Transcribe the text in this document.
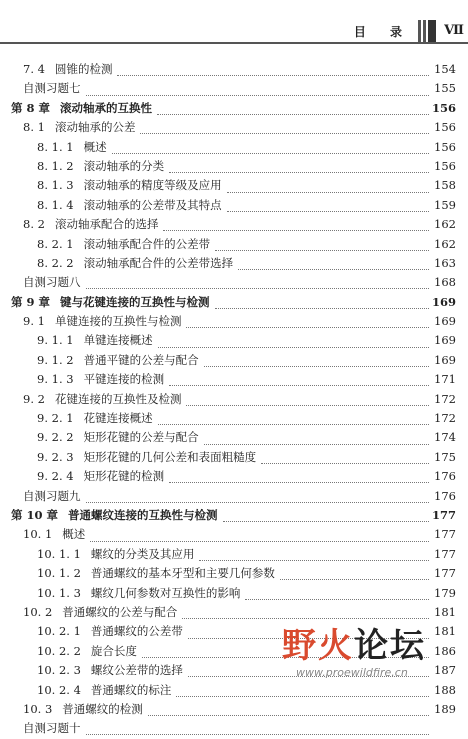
目 录 Ⅶ
7. 4 圆锥的检测	154
自测习题七	155
第 8 章 滚动轴承的互换性	156
8. 1 滚动轴承的公差	156
8. 1. 1 概述	156
8. 1. 2 滚动轴承的分类	156
8. 1. 3 滚动轴承的精度等级及应用	158
8. 1. 4 滚动轴承的公差带及其特点	159
8. 2 滚动轴承配合的选择	162
8. 2. 1 滚动轴承配合件的公差带	162
8. 2. 2 滚动轴承配合件的公差带选择	163
自测习题八	168
第 9 章 键与花键连接的互换性与检测	169
9. 1 单键连接的互换性与检测	169
9. 1. 1 单键连接概述	169
9. 1. 2 普通平键的公差与配合	169
9. 1. 3 平键连接的检测	171
9. 2 花键连接的互换性及检测	172
9. 2. 1 花键连接概述	172
9. 2. 2 矩形花键的公差与配合	174
9. 2. 3 矩形花键的几何公差和表面粗糙度	175
9. 2. 4 矩形花键的检测	176
自测习题九	176
第 10 章 普通螺纹连接的互换性与检测	177
10. 1 概述	177
10. 1. 1 螺纹的分类及其应用	177
10. 1. 2 普通螺纹的基本牙型和主要几何参数	177
10. 1. 3 螺纹几何参数对互换性的影响	179
10. 2 普通螺纹的公差与配合	181
10. 2. 1 普通螺纹的公差带	181
10. 2. 2 旋合长度	186
10. 2. 3 螺纹公差带的选择	187
10. 2. 4 普通螺纹的标注	188
10. 3 普通螺纹的检测	189
自测习题十
野火论坛
www.proewildfire.cn
